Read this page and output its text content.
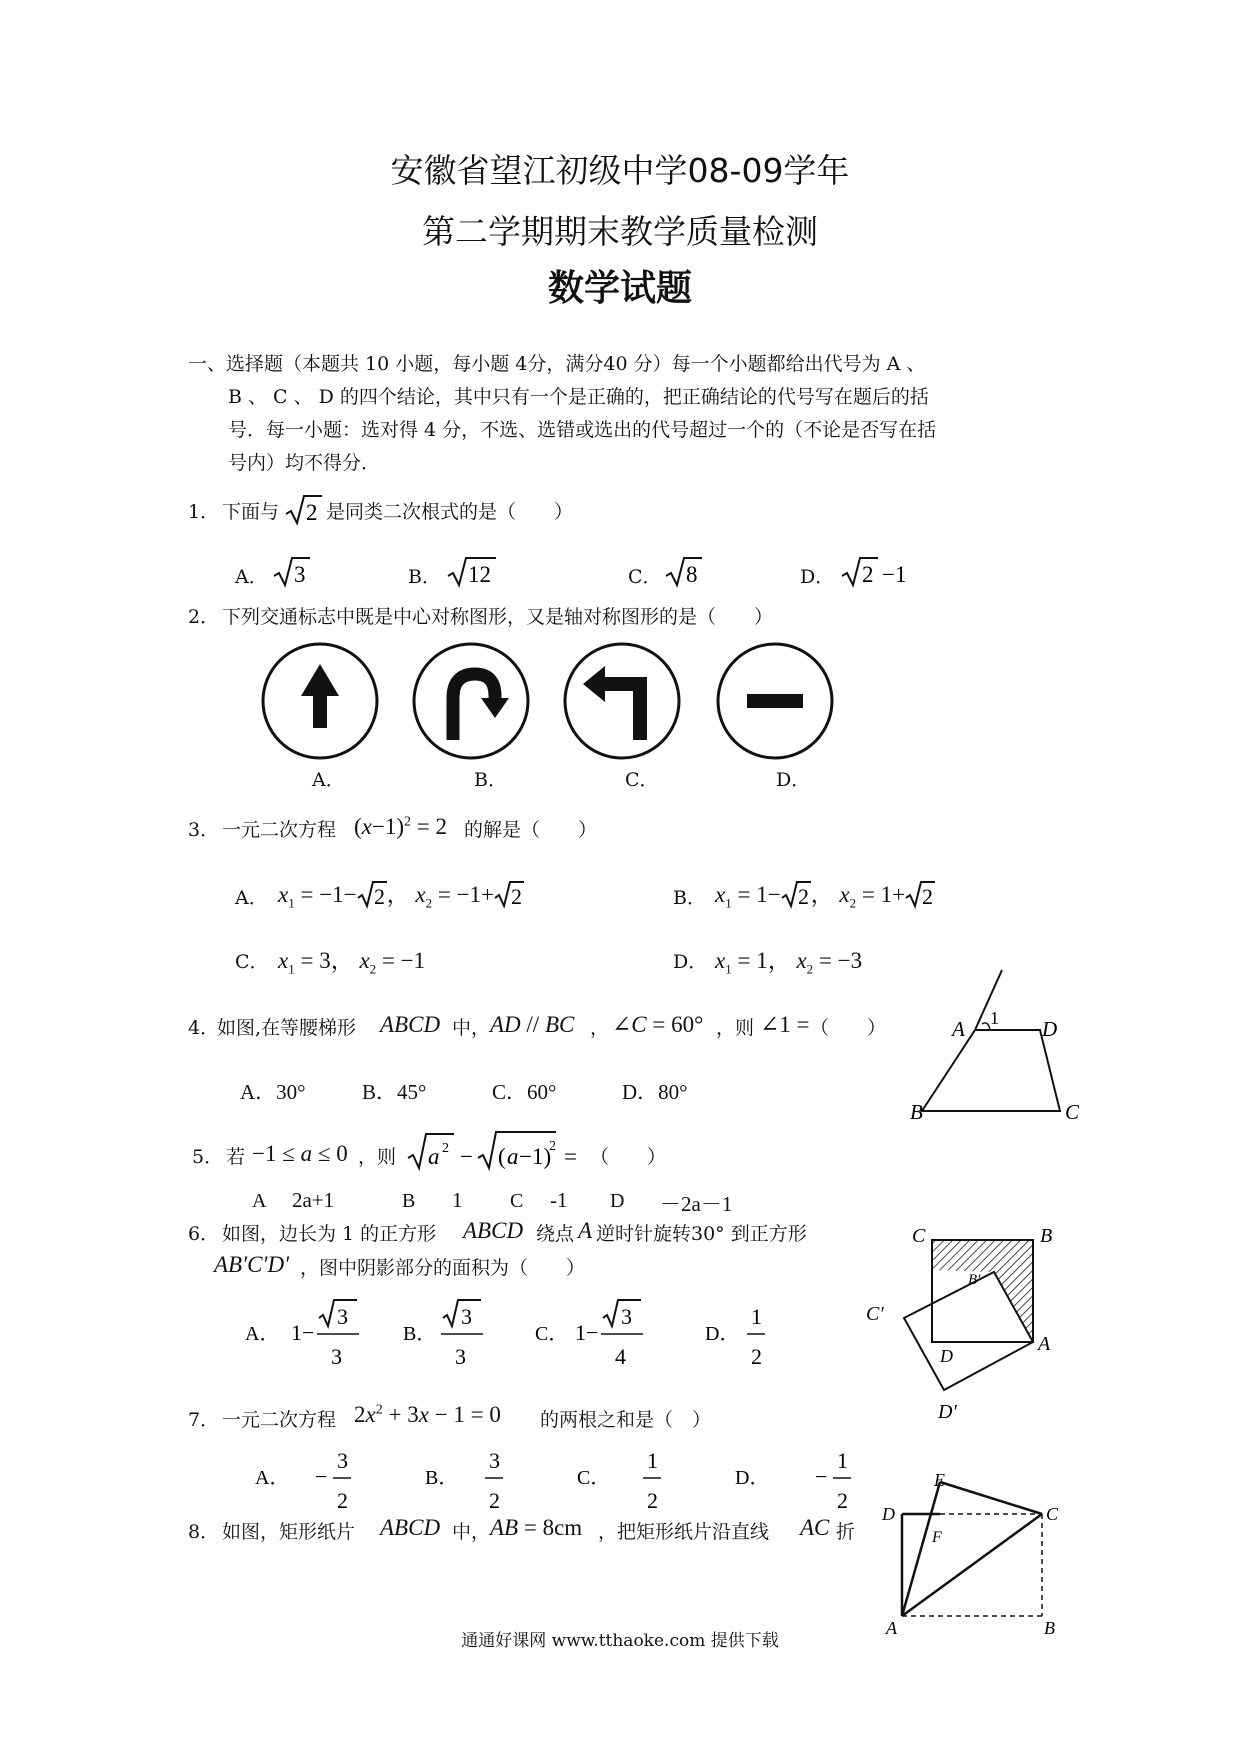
安徽省望江初级中学08-09学年
第二学期期末教学质量检测
数学试题
一、选择题（本题共 10 小题，每小题 4分，满分40 分）每一个小题都给出代号为 A 、
B 、 C 、 D 的四个结论，其中只有一个是正确的，把正确结论的代号写在题后的括
号．每一小题：选对得 4 分，不选、选错或选出的代号超过一个的（不论是否写在括
号内）均不得分．
1． 下面与 2 是同类二次根式的是（　　）
A． 3	B． 12	C． 8	D． 2 −1
2． 下列交通标志中既是中心对称图形，又是轴对称图形的是（　　）
A．	B．	C．	D．
3． 一元二次方程 $(x-1)^2 = 2$ 的解是（　　）
A． $x_1 = -1- 2$ ， $x_2 = -1+ 2$	B． $x_1 = 1- 2$ ， $x_2 = 1+ 2$
C． $x_1 = 3$， $x_2 = -1$	D． $x_1 = 1$， $x_2 = -3$
4．
如图,在等腰梯形 ABCD 中， AD // BC ， ∠C = 60° ，则 ∠1 = （　　）
A．30°	B．45°	C．60°	D．80°
A 1 D
B	C
5． 若 −1 ≤ a ≤ 0 ，则 a 2 − ( a −1)
2 = （　　）
A 2a+1	B 1 C -1 D －2a－1
6． 如图，边长为 1 的正方形 ABCD 绕点 A 逆时针旋转30° 到正方形
AB′C′D′ ，图中阴影部分的面积为（　　）
A． 1−
3
3
B．
3
3
C． 1−
3
4
D．
1
2
C	B
B′
C′
D
A
D′
7． 一元二次方程 $2x^2 + 3x - 1 = 0$ 的两根之和是（　）
A． −
3
2
B．
3
2
C．
1
2
D． −
1
2
8． 如图，矩形纸片 ABCD 中， AB = 8cm ，把矩形纸片沿直线 AC 折
E
D	C
F
A	B
通通好课网 www.tthaoke.com 提供下载
